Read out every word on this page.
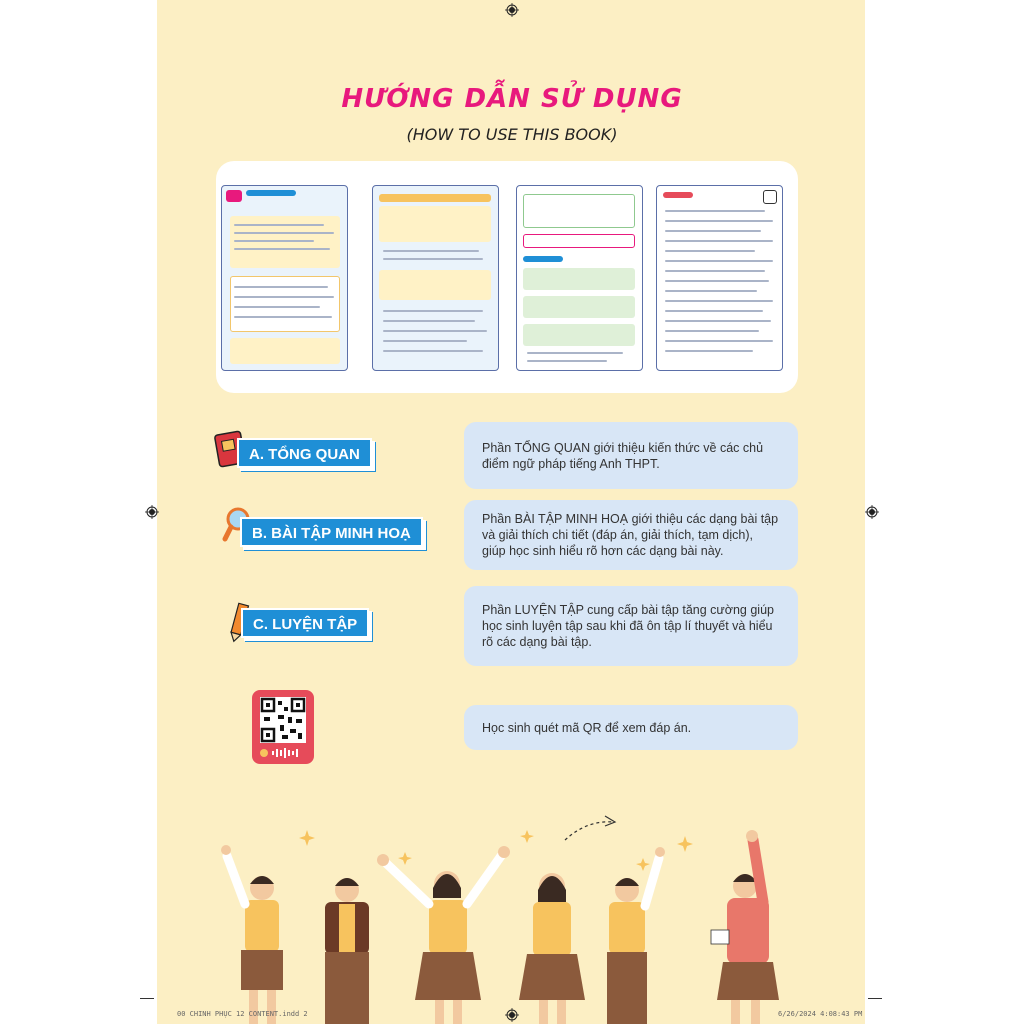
HƯỚNG DẪN SỬ DỤNG
(HOW TO USE THIS BOOK)
A. TỔNG QUAN	Phần TỔNG QUAN giới thiệu kiến thức về các chủ điểm ngữ pháp tiếng Anh THPT.
B. BÀI TẬP MINH HOẠ
Phần BÀI TẬP MINH HOẠ giới thiệu các dạng bài tập và giải thích chi tiết (đáp án, giải thích, tạm dịch), giúp học sinh hiểu rõ hơn các dạng bài này.
C. LUYỆN TẬP
Phần LUYỆN TẬP cung cấp bài tập tăng cường giúp học sinh luyện tập sau khi đã ôn tập lí thuyết và hiểu rõ các dạng bài tập.
Học sinh quét mã QR để xem đáp án.
00 CHINH PHỤC 12 CONTENT.indd 2	6/26/2024 4:08:43 PM
